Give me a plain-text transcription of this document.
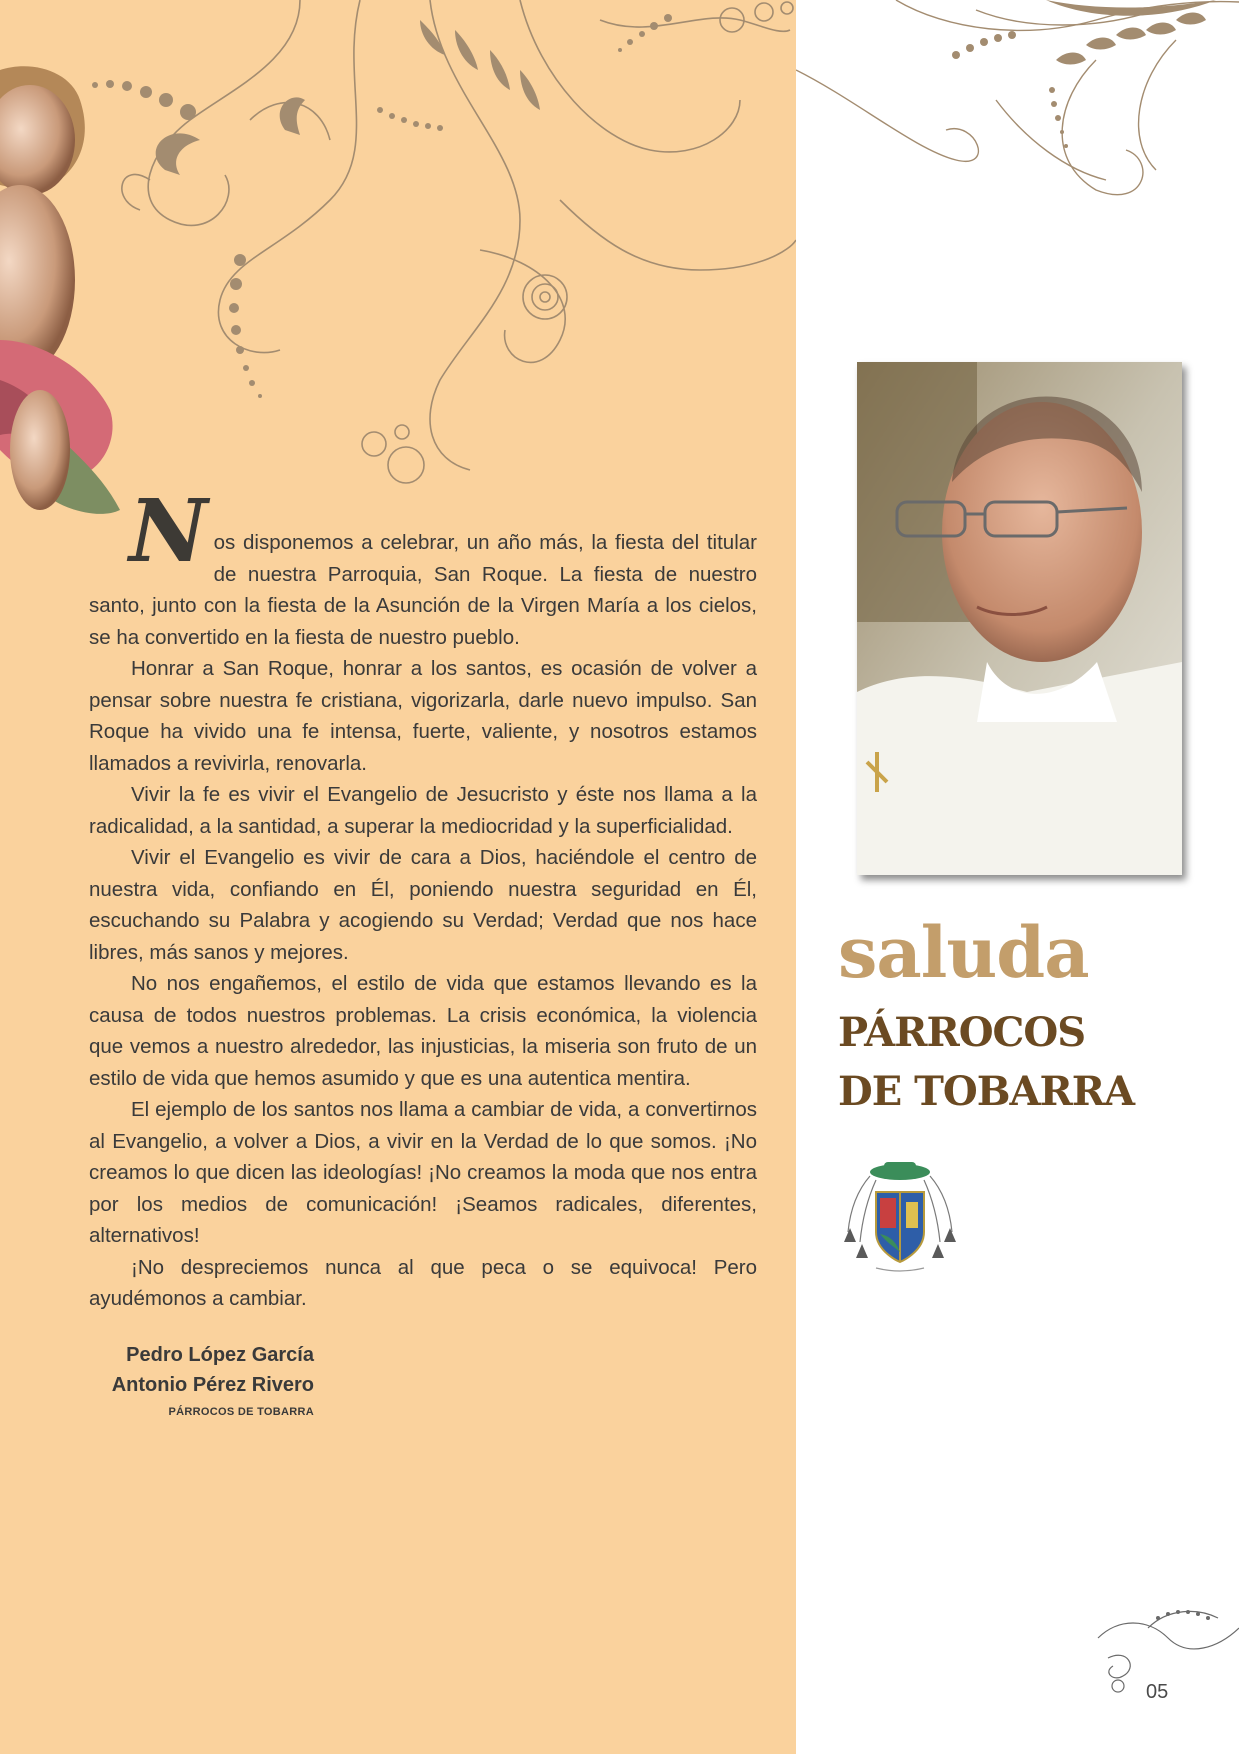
Nos disponemos a celebrar, un año más, la fiesta del titular de nuestra Parroquia, San Roque. La fiesta de nuestro santo, junto con la fiesta de la Asunción de la Virgen María a los cielos, se ha convertido en la fiesta de nuestro pueblo.

Honrar a San Roque, honrar a los santos, es ocasión de volver a pensar sobre nuestra fe cristiana, vigorizarla, darle nuevo impulso. San Roque ha vivido una fe intensa, fuerte, valiente, y nosotros estamos llamados a revivirla, renovarla.

Vivir la fe es vivir el Evangelio de Jesucristo y éste nos llama a la radicalidad, a la santidad, a superar la mediocridad y la superficialidad.

Vivir el Evangelio es vivir de cara a Dios, haciéndole el centro de nuestra vida, confiando en Él, poniendo nuestra seguridad en Él, escuchando su Palabra y acogiendo su Verdad; Verdad que nos hace libres, más sanos y mejores.

No nos engañemos, el estilo de vida que estamos llevando es la causa de todos nuestros problemas. La crisis económica, la violencia que vemos a nuestro alrededor, las injusticias, la miseria son fruto de un estilo de vida que hemos asumido y que es una autentica mentira.

El ejemplo de los santos nos llama a cambiar de vida, a convertirnos al Evangelio, a volver a Dios, a vivir en la Verdad de lo que somos. ¡No creamos lo que dicen las ideologías! ¡No creamos la moda que nos entra por los medios de comunicación! ¡Seamos radicales, diferentes, alternativos!

¡No despreciemos nunca al que peca o se equivoca! Pero ayudémonos a cambiar.

Pedro López García
Antonio Pérez Rivero
PÁRROCOS DE TOBARRA
saluda
PÁRROCOS
DE TOBARRA
05
